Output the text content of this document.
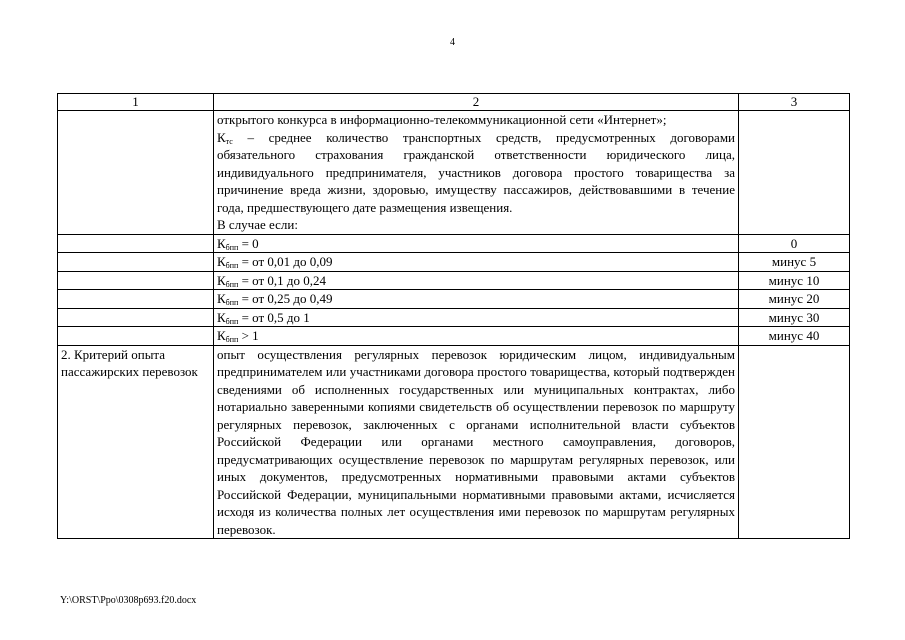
4
1	2	3

	открытого конкурса в информационно-телекоммуникационной сети «Интернет»;
$К_{тс}$ – среднее количество транспортных средств, предусмотренных договорами обязательного страхования гражданской ответственности юридического лица, индивидуального предпринимателя, участников договора простого товарищества за причинение вреда жизни, здоровью, имуществу пассажиров, действовавшими в течение года, предшествующего дате размещения извещения.
В случае если:	

	$К_{бпп} = 0$	0
	$К_{бпп}$ = от 0,01 до 0,09	минус 5
	$К_{бпп}$ = от 0,1 до 0,24	минус 10
	$К_{бпп}$ = от 0,25 до 0,49	минус 20
	$К_{бпп}$ = от 0,5 до 1	минус 30
	$К_{бпп} > 1$	минус 40
2. Критерий опыта пассажирских перевозок	опыт осуществления регулярных перевозок юридическим лицом, индивидуальным предпринимателем или участниками договора простого товарищества, который подтвержден сведениями об исполненных государственных или муниципальных контрактах, либо нотариально заверенными копиями свидетельств об осуществлении перевозок по маршруту регулярных перевозок, заключенных с органами исполнительной власти субъектов Российской Федерации или органами местного самоуправления, договоров, предусматривающих осуществление перевозок по маршрутам регулярных перевозок, или иных документов, предусмотренных нормативными правовыми актами субъектов Российской Федерации, муниципальными нормативными правовыми актами, исчисляется исходя из количества полных лет осуществления ими перевозок по маршрутам регулярных перевозок.	
Y:\ORST\Ppo\0308p693.f20.docx
